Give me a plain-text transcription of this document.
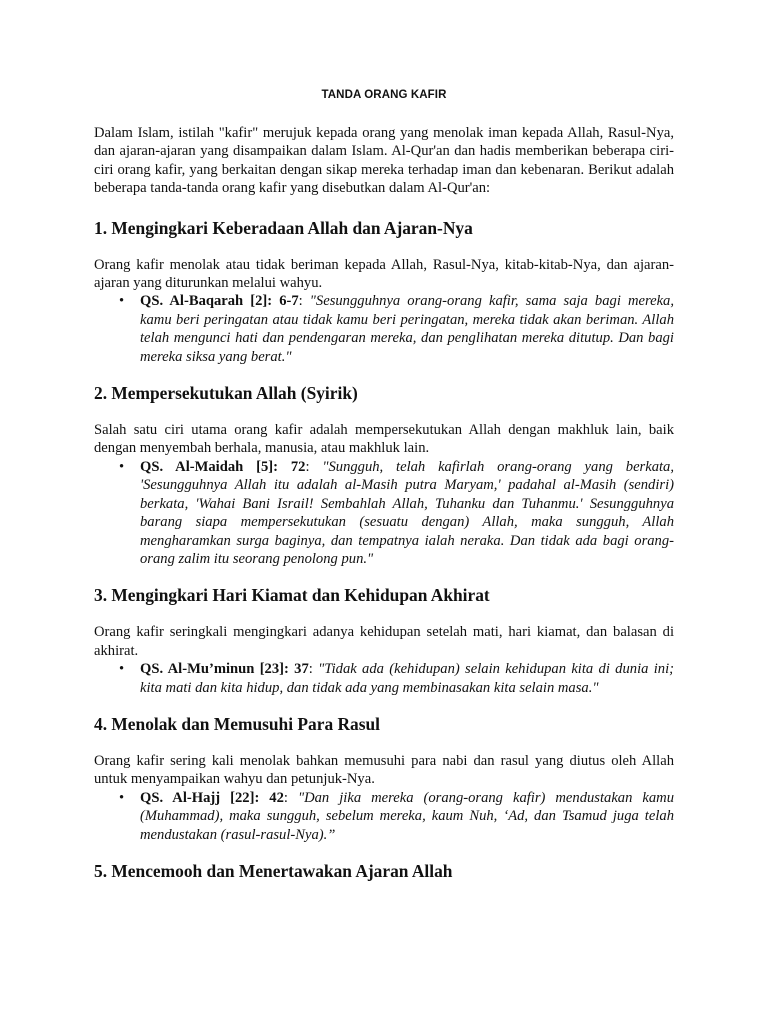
TANDA ORANG KAFIR

Dalam Islam, istilah "kafir" merujuk kepada orang yang menolak iman kepada Allah, Rasul-Nya, dan ajaran-ajaran yang disampaikan dalam Islam. Al-Qur'an dan hadis memberikan beberapa ciri-ciri orang kafir, yang berkaitan dengan sikap mereka terhadap iman dan kebenaran. Berikut adalah beberapa tanda-tanda orang kafir yang disebutkan dalam Al-Qur'an:

1. Mengingkari Keberadaan Allah dan Ajaran-Nya

Orang kafir menolak atau tidak beriman kepada Allah, Rasul-Nya, kitab-kitab-Nya, dan ajaran-ajaran yang diturunkan melalui wahyu.

• QS. Al-Baqarah [2]: 6-7: "Sesungguhnya orang-orang kafir, sama saja bagi mereka, kamu beri peringatan atau tidak kamu beri peringatan, mereka tidak akan beriman. Allah telah mengunci hati dan pendengaran mereka, dan penglihatan mereka ditutup. Dan bagi mereka siksa yang berat."
2. Mempersekutukan Allah (Syirik)

Salah satu ciri utama orang kafir adalah mempersekutukan Allah dengan makhluk lain, baik dengan menyembah berhala, manusia, atau makhluk lain.

• QS. Al-Maidah [5]: 72: "Sungguh, telah kafirlah orang-orang yang berkata, 'Sesungguhnya Allah itu adalah al-Masih putra Maryam,' padahal al-Masih (sendiri) berkata, 'Wahai Bani Israil! Sembahlah Allah, Tuhanku dan Tuhanmu.' Sesungguhnya barang siapa mempersekutukan (sesuatu dengan) Allah, maka sungguh, Allah mengharamkan surga baginya, dan tempatnya ialah neraka. Dan tidak ada bagi orang-orang zalim itu seorang penolong pun."
3. Mengingkari Hari Kiamat dan Kehidupan Akhirat

Orang kafir seringkali mengingkari adanya kehidupan setelah mati, hari kiamat, dan balasan di akhirat.

• QS. Al-Mu’minun [23]: 37: "Tidak ada (kehidupan) selain kehidupan kita di dunia ini; kita mati dan kita hidup, dan tidak ada yang membinasakan kita selain masa."
4. Menolak dan Memusuhi Para Rasul

Orang kafir sering kali menolak bahkan memusuhi para nabi dan rasul yang diutus oleh Allah untuk menyampaikan wahyu dan petunjuk-Nya.

• QS. Al-Hajj [22]: 42: "Dan jika mereka (orang-orang kafir) mendustakan kamu (Muhammad), maka sungguh, sebelum mereka, kaum Nuh, ‘Ad, dan Tsamud juga telah mendustakan (rasul-rasul-Nya).”
5. Mencemooh dan Menertawakan Ajaran Allah
